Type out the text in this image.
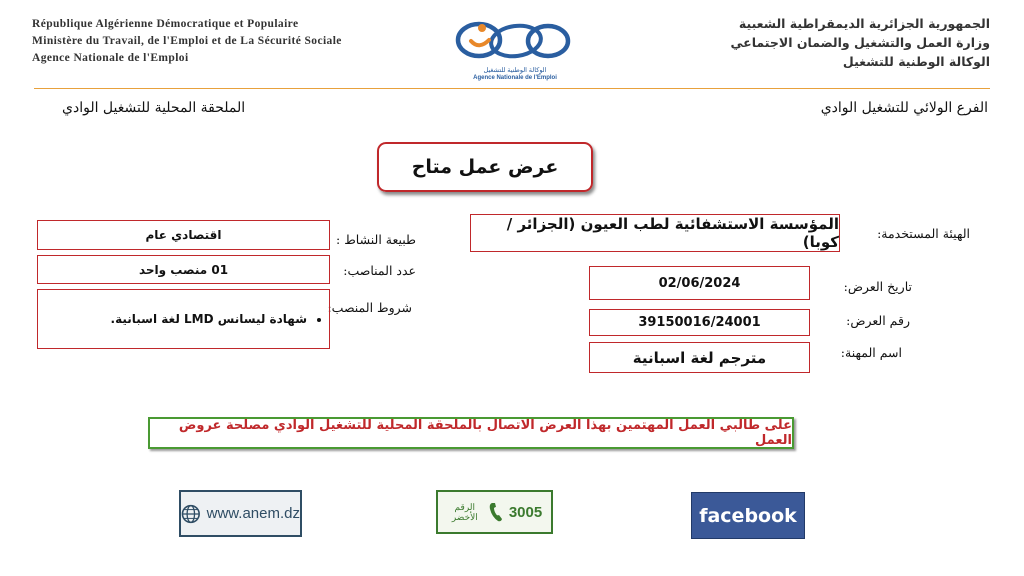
République Algérienne Démocratique et Populaire
Ministère du Travail, de l'Emploi et de La Sécurité Sociale
Agence Nationale de l'Emploi
الوكالة الوطنية للتشغيل
Agence Nationale de l'Emploi
الجمهورية الجزائرية الديمقراطية الشعبية
وزارة العمل والتشغيل والضمان الاجتماعي
الوكالة الوطنية للتشغيل
الفرع الولائي للتشغيل الوادي
الملحقة المحلية للتشغيل الوادي
عرض عمل متاح
الهيئة المستخدمة:
المؤسسة الاستشفائية لطب العيون (الجزائر / كوبا)
تاريخ العرض:
02/06/2024
رقم العرض:
39150016/24001
اسم المهنة:
مترجم لغة اسبانية
طبيعة النشاط :
اقتصادي عام
عدد المناصب:
01 منصب واحد
شروط المنصب:
• شهادة ليسانس LMD لغة اسبانية.
على طالبي العمل المهتمين بهذا العرض الاتصال بالملحقة المحلية للتشغيل الوادي مصلحة عروض العمل
www.anem.dz	الرقم الأخضر	3005	facebook
